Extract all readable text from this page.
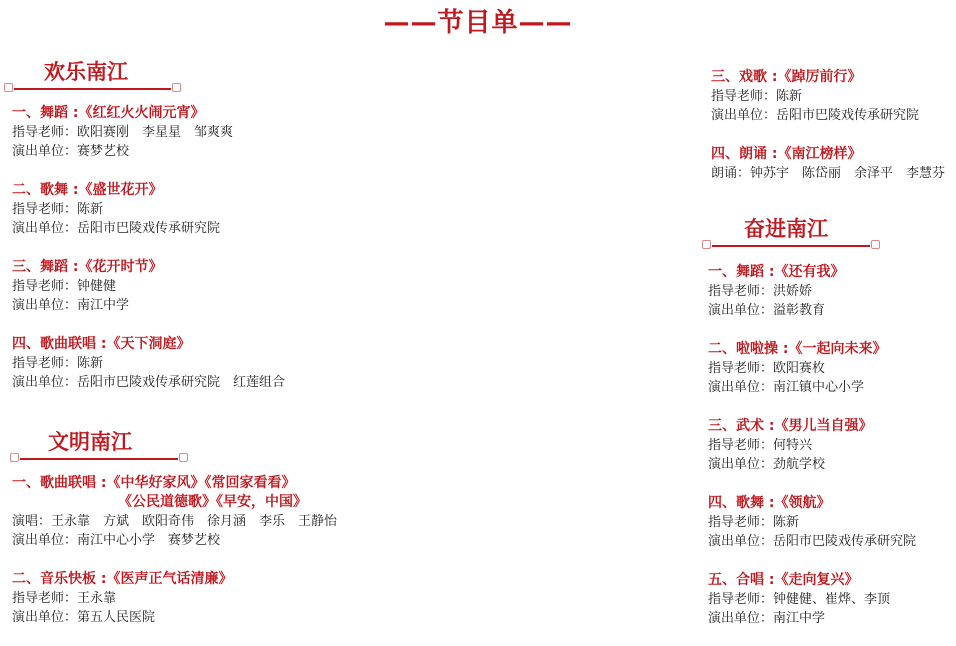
——节目单——
欢乐南江
一、舞蹈 :《红红火火闹元宵》
指导老师：欧阳赛刚　李星星　邹爽爽
演出单位：赛梦艺校
二、歌舞 :《盛世花开》
指导老师：陈新
演出单位：岳阳市巴陵戏传承研究院
三、舞蹈 :《花开时节》
指导老师：钟健健
演出单位：南江中学
四、歌曲联唱 :《天下洞庭》
指导老师：陈新
演出单位：岳阳市巴陵戏传承研究院　红莲组合
文明南江
一、歌曲联唱 :《中华好家风》《常回家看看》
《公民道德歌》《早安，中国》
演唱：王永靠　方斌　欧阳奇伟　徐月涵　李乐　王静怡
演出单位：南江中心小学　赛梦艺校
二、音乐快板 :《医声正气话清廉》
指导老师：王永靠
演出单位：第五人民医院
三、戏歌 :《踔厉前行》
指导老师：陈新
演出单位：岳阳市巴陵戏传承研究院
四、朗诵 :《南江榜样》
朗诵：钟苏宇　陈岱丽　余泽平　李慧芬
奋进南江
一、舞蹈 :《还有我》
指导老师：洪娇娇
演出单位：溢彰教育
二、啦啦操 :《一起向未来》
指导老师：欧阳赛枚
演出单位：南江镇中心小学
三、武术 :《男儿当自强》
指导老师：何特兴
演出单位：劲航学校
四、歌舞 :《领航》
指导老师：陈新
演出单位：岳阳市巴陵戏传承研究院
五、合唱 :《走向复兴》
指导老师：钟健健、崔烨、李顶
演出单位：南江中学
